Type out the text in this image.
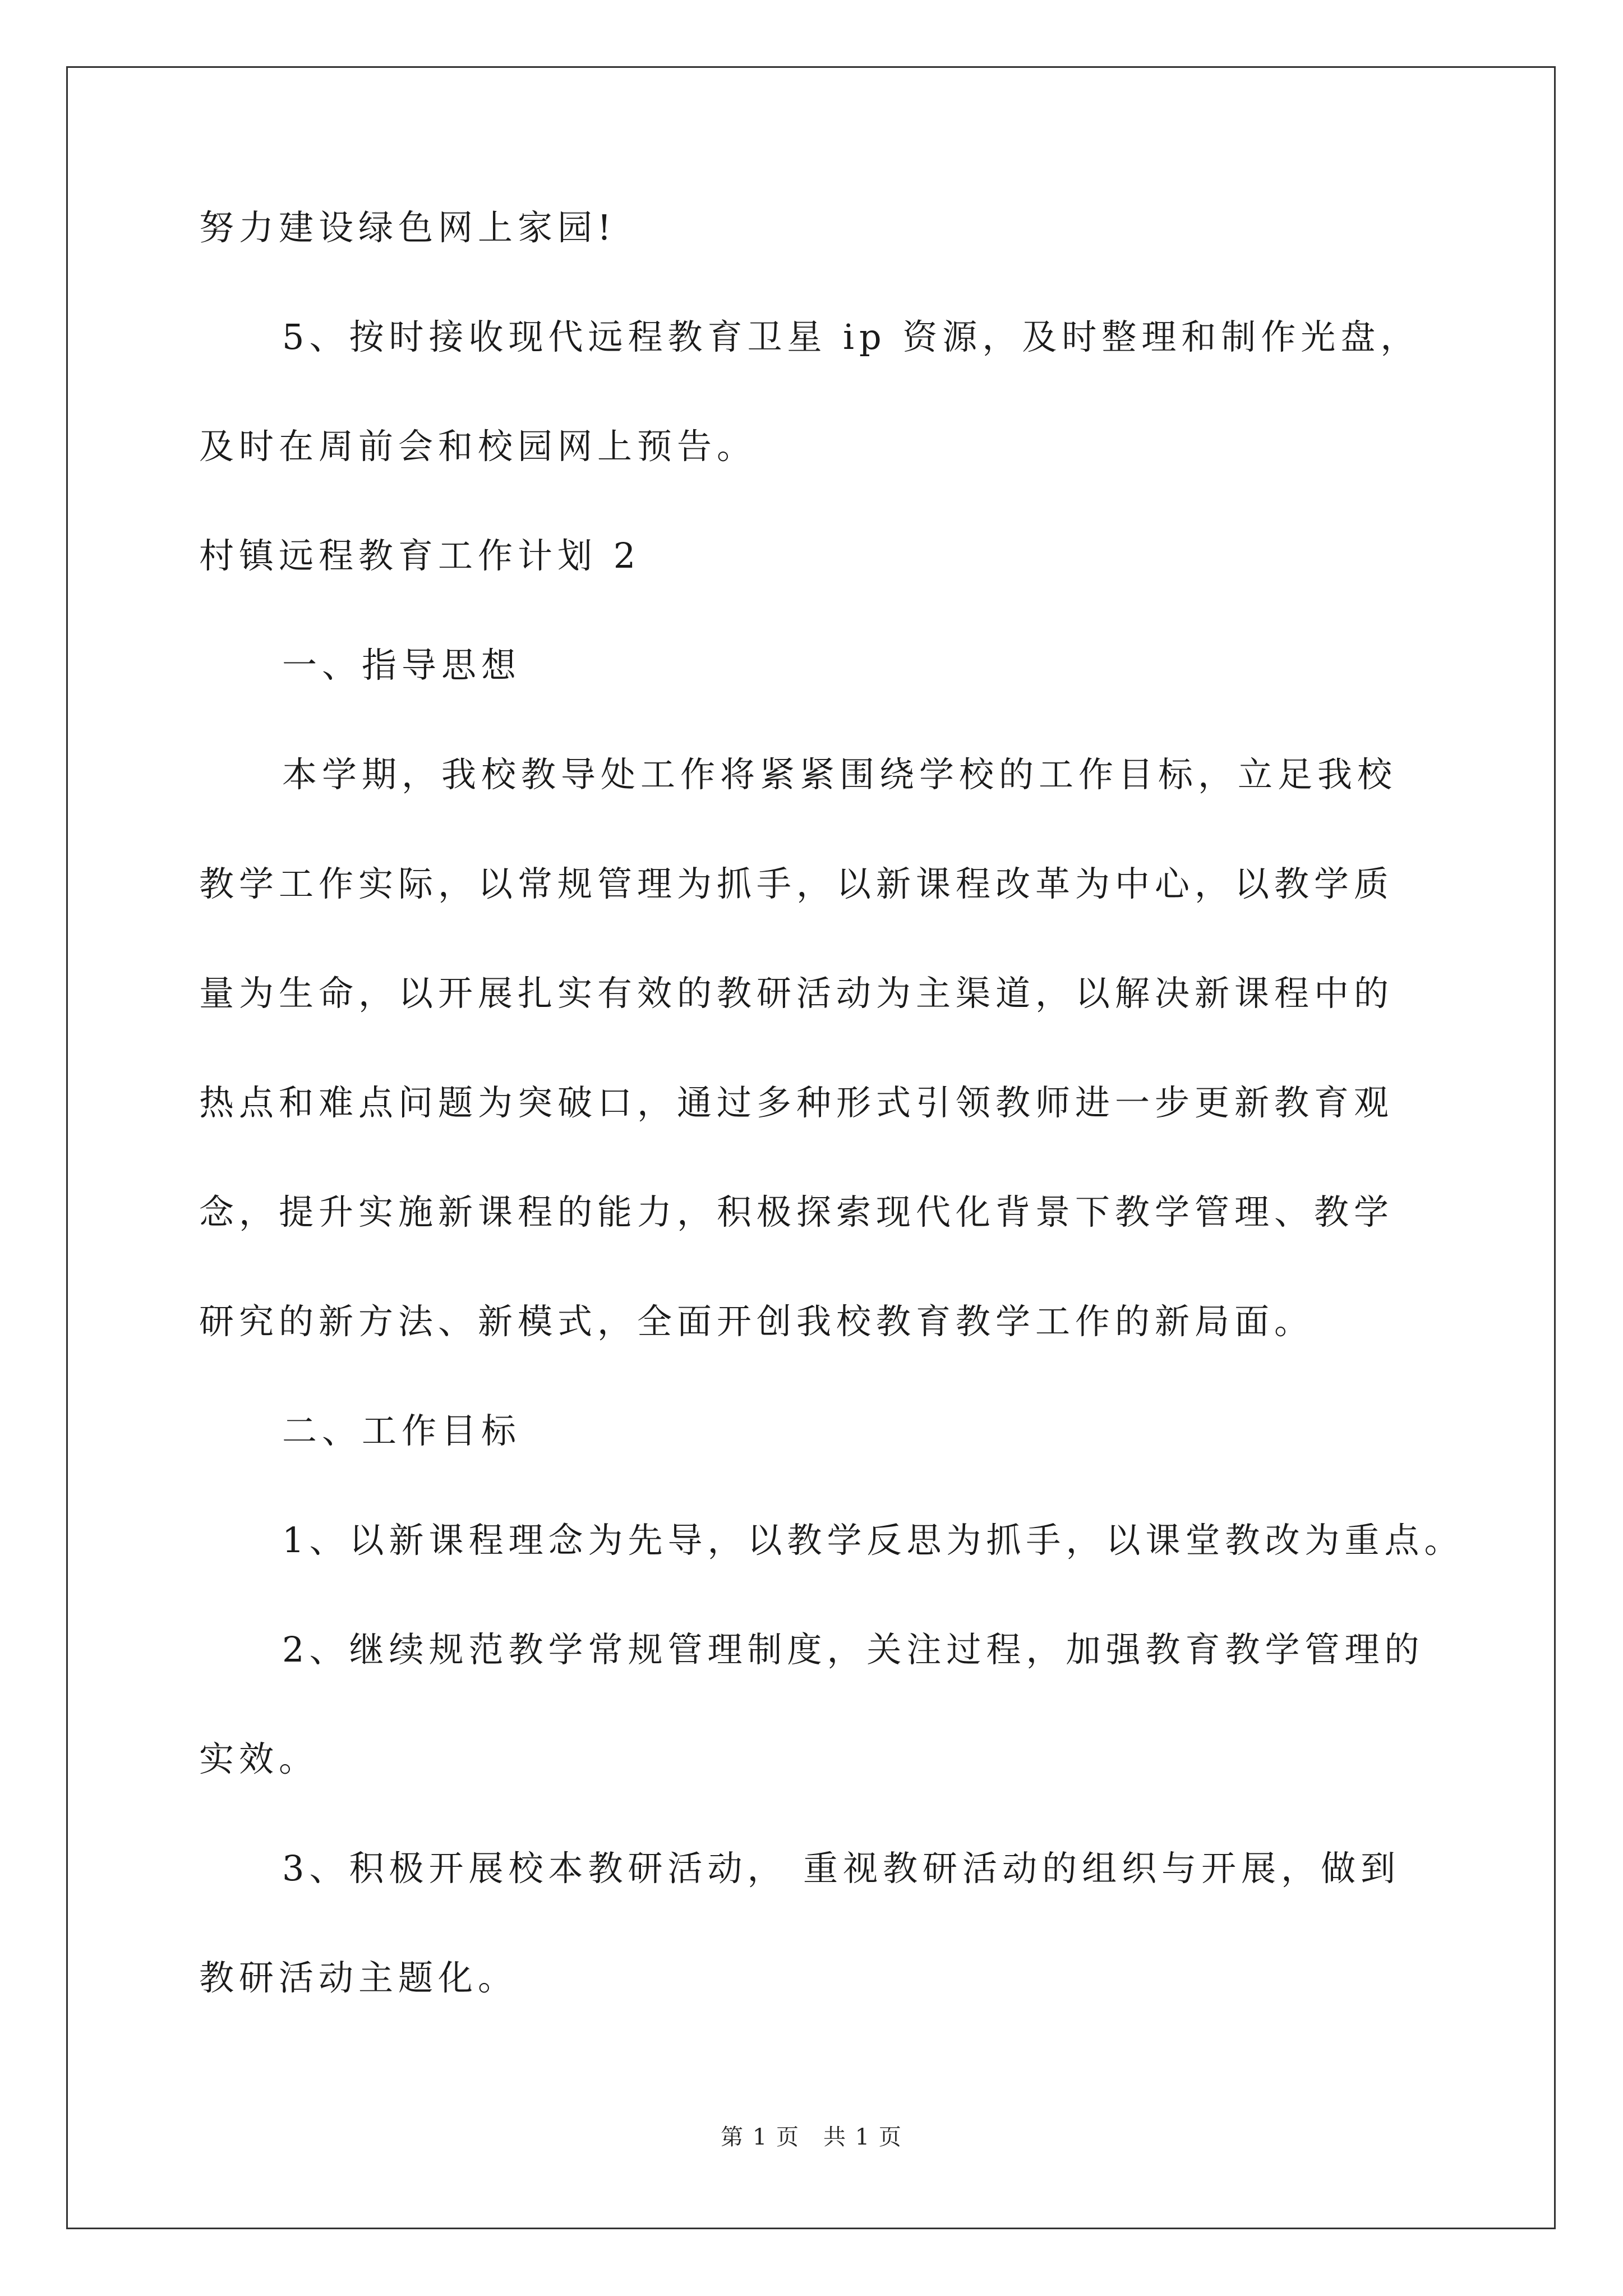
努力建设绿色网上家园!
5、按时接收现代远程教育卫星 ip 资源，及时整理和制作光盘，
及时在周前会和校园网上预告。
村镇远程教育工作计划 2
一、指导思想
本学期，我校教导处工作将紧紧围绕学校的工作目标，立足我校
教学工作实际，以常规管理为抓手，以新课程改革为中心，以教学质
量为生命，以开展扎实有效的教研活动为主渠道，以解决新课程中的
热点和难点问题为突破口，通过多种形式引领教师进一步更新教育观
念，提升实施新课程的能力，积极探索现代化背景下教学管理、教学
研究的新方法、新模式，全面开创我校教育教学工作的新局面。
二、工作目标
1、以新课程理念为先导，以教学反思为抓手，以课堂教改为重点。
2、继续规范教学常规管理制度，关注过程，加强教育教学管理的
实效。
3、积极开展校本教研活动， 重视教研活动的组织与开展，做到
教研活动主题化。
第 1 页　共 1 页
